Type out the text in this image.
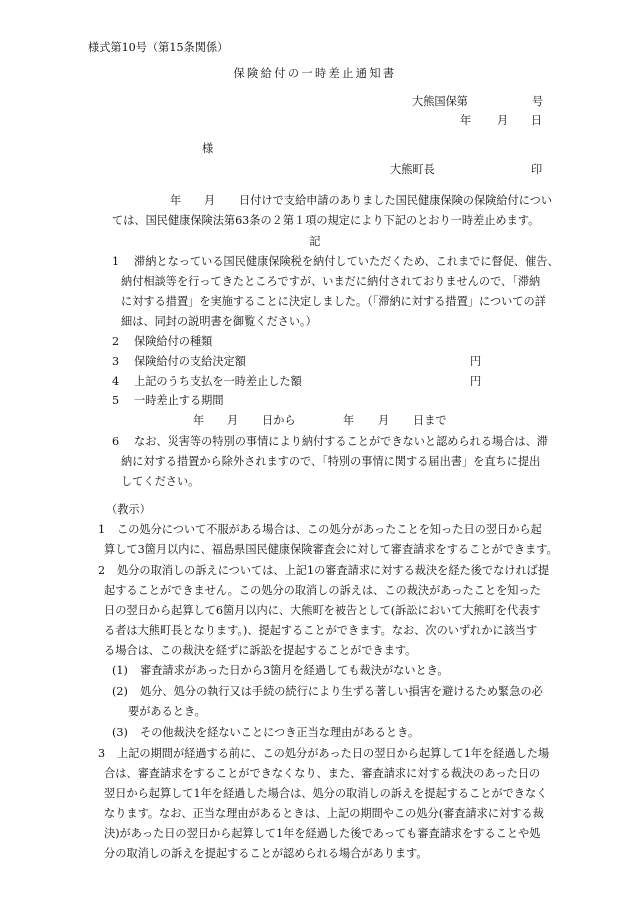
様式第10号（第15条関係）
保険給付の一時差止通知書
大熊国保第	号
年 月 日
様
大熊町長	印
年 月 日付けで支給申請のありました国民健康保険の保険給付につい
ては、国民健康保険法第63条の２第１項の規定により下記のとおり一時差止めます。
記
1 滞納となっている国民健康保険税を納付していただくため、これまでに督促、催告、
納付相談等を行ってきたところですが、いまだに納付されておりませんので、「滞納
に対する措置」を実施することに決定しました。（「滞納に対する措置」についての詳
細は、同封の説明書を御覧ください。）
2 保険給付の種類
3 保険給付の支給決定額	円
4 上記のうち支払を一時差止した額	円
5 一時差止する期間
年 月 日から	年 月 日まで
6 なお、災害等の特別の事情により納付することができないと認められる場合は、滞
納に対する措置から除外されますので、「特別の事情に関する届出書」を直ちに提出
してください。
（教示）
1 この処分について不服がある場合は、この処分があったことを知った日の翌日から起
算して3箇月以内に、福島県国民健康保険審査会に対して審査請求をすることができます。
2 処分の取消しの訴えについては、上記1の審査請求に対する裁決を経た後でなければ提
起することができません。この処分の取消しの訴えは、この裁決があったことを知った
日の翌日から起算して6箇月以内に、大熊町を被告として(訴訟において大熊町を代表す
る者は大熊町長となります。)、提起することができます。なお、次のいずれかに該当す
る場合は、この裁決を経ずに訴訟を提起することができます。
(1) 審査請求があった日から3箇月を経過しても裁決がないとき。
(2) 処分、処分の執行又は手続の続行により生ずる著しい損害を避けるため緊急の必
要があるとき。
(3) その他裁決を経ないことにつき正当な理由があるとき。
3 上記の期間が経過する前に、この処分があった日の翌日から起算して1年を経過した場
合は、審査請求をすることができなくなり、また、審査請求に対する裁決のあった日の
翌日から起算して1年を経過した場合は、処分の取消しの訴えを提起することができなく
なります。なお、正当な理由があるときは、上記の期間やこの処分(審査請求に対する裁
決)があった日の翌日から起算して1年を経過した後であっても審査請求をすることや処
分の取消しの訴えを提起することが認められる場合があります。
